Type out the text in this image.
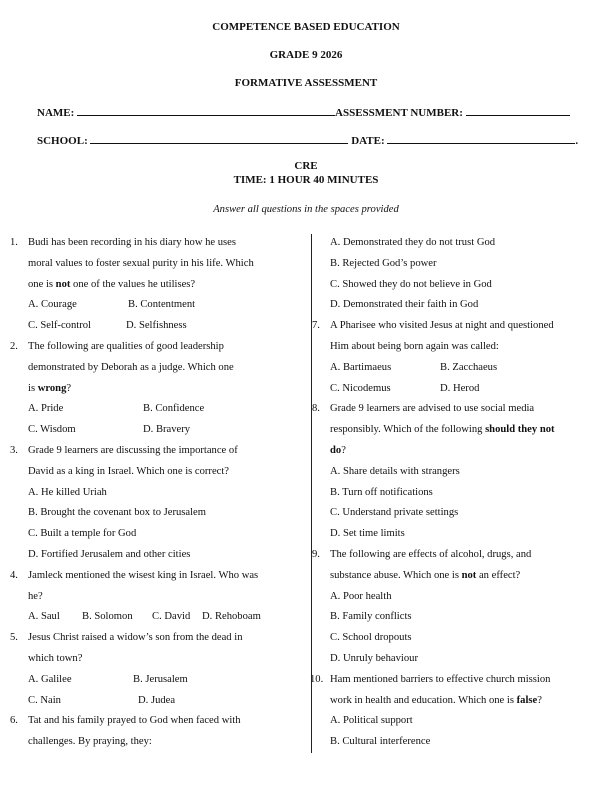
COMPETENCE BASED EDUCATION
GRADE 9 2026
FORMATIVE ASSESSMENT
NAME:	ASSESSMENT NUMBER:
SCHOOL:	DATE:	.
CRE
TIME: 1 HOUR 40 MINUTES
Answer all questions in the spaces provided
1. Budi has been recording in his diary how he uses
moral values to foster sexual purity in his life. Which
one is not one of the values he utilises?
A. Courage	B. Contentment
C. Self-control	D. Selfishness
2. The following are qualities of good leadership
demonstrated by Deborah as a judge. Which one
is wrong?
A. Pride	B. Confidence
C. Wisdom	D. Bravery
3. Grade 9 learners are discussing the importance of
David as a king in Israel. Which one is correct?
A. He killed Uriah
B. Brought the covenant box to Jerusalem
C. Built a temple for God
D. Fortified Jerusalem and other cities
4. Jamleck mentioned the wisest king in Israel. Who was
he?
A. Saul B. Solomon C. David D. Rehoboam
5. Jesus Christ raised a widow’s son from the dead in
which town?
A. Galilee	B. Jerusalem
C. Nain	D. Judea
6. Tat and his family prayed to God when faced with
challenges. By praying, they:
A. Demonstrated they do not trust God
B. Rejected God’s power
C. Showed they do not believe in God
D. Demonstrated their faith in God
7. A Pharisee who visited Jesus at night and questioned
Him about being born again was called:
A. Bartimaeus	B. Zacchaeus
C. Nicodemus	D. Herod
8. Grade 9 learners are advised to use social media
responsibly. Which of the following should they not
do?
A. Share details with strangers
B. Turn off notifications
C. Understand private settings
D. Set time limits
9. The following are effects of alcohol, drugs, and
substance abuse. Which one is not an effect?
A. Poor health
B. Family conflicts
C. School dropouts
D. Unruly behaviour
10. Ham mentioned barriers to effective church mission
work in health and education. Which one is false?
A. Political support
B. Cultural interference
